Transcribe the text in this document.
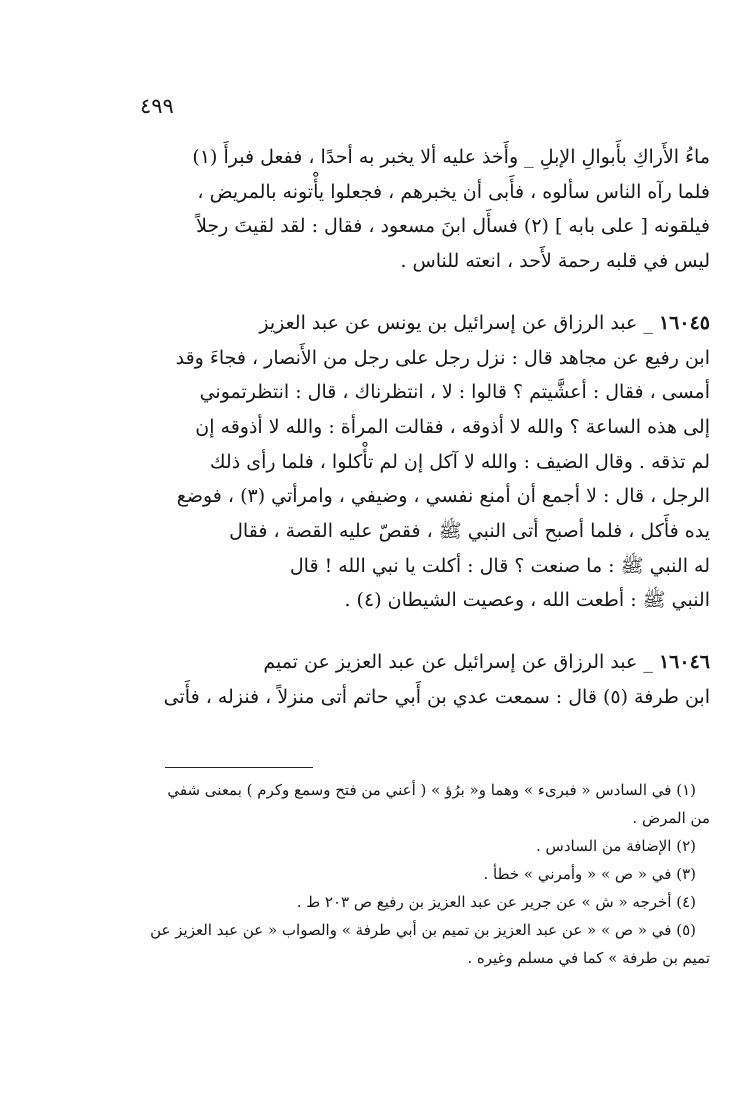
٤٩٩

ماءُ الأَراكِ بأَبوالِ الإبلِ _ وأَخذ عليه ألا يخبر به أحدًا ، ففعل فبرأَ (١)
فلما رآه الناس سألوه ، فأَبى أن يخبرهم ، فجعلوا يأْتونه بالمريض ،
فيلقونه [ على بابه ] (٢) فسأَل ابنَ مسعود ، فقال : لقد لقيتَ رجلاً
ليس في قلبه رحمة لأَحد ، انعته للناس .

١٦٠٤٥ _ عبد الرزاق عن إسرائيل بن يونس عن عبد العزيز
ابن رفيع عن مجاهد قال : نزل رجل على رجل من الأَنصار ، فجاءَ وقد
أمسى ، فقال : أعشَّيتم ؟ قالوا : لا ، انتظرناك ، قال : انتظرتموني
إلى هذه الساعة ؟ والله لا أذوقه ، فقالت المرأة : والله لا أذوقه إن
لم تذقه . وقال الضيف : والله لا آكل إن لم تأْكلوا ، فلما رأى ذلك
الرجل ، قال : لا أجمع أن أمنع نفسي ، وضيفي ، وامرأتي (٣) ، فوضع
يده فأَكل ، فلما أصبح أتى النبي ﷺ ، فقصّ عليه القصة ، فقال
له النبي ﷺ : ما صنعت ؟ قال : أكلت يا نبي الله ! قال
النبي ﷺ : أطعت الله ، وعصيت الشيطان (٤) .

١٦٠٤٦ _ عبد الرزاق عن إسرائيل عن عبد العزيز عن تميم
ابن طرفة (٥) قال : سمعت عدي بن أَبي حاتم أتى منزلاً ، فنزله ، فأَتى

(١) في السادس « فبرىء » وهما و« برُؤ » ( أعني من فتح وسمع وكرم ) بمعنى شفي

من المرض .

(٢) الإضافة من السادس .

(٣) في « ص » « وأمرني » خطأ .

(٤) أخرجه « ش » عن جرير عن عبد العزيز بن رفيع ص ٢٠٣ ط .

(٥) في « ص » « عن عبد العزيز بن تميم بن أبي طرفة » والصواب « عن عبد العزيز عن

تميم بن طرفة » كما في مسلم وغيره .
